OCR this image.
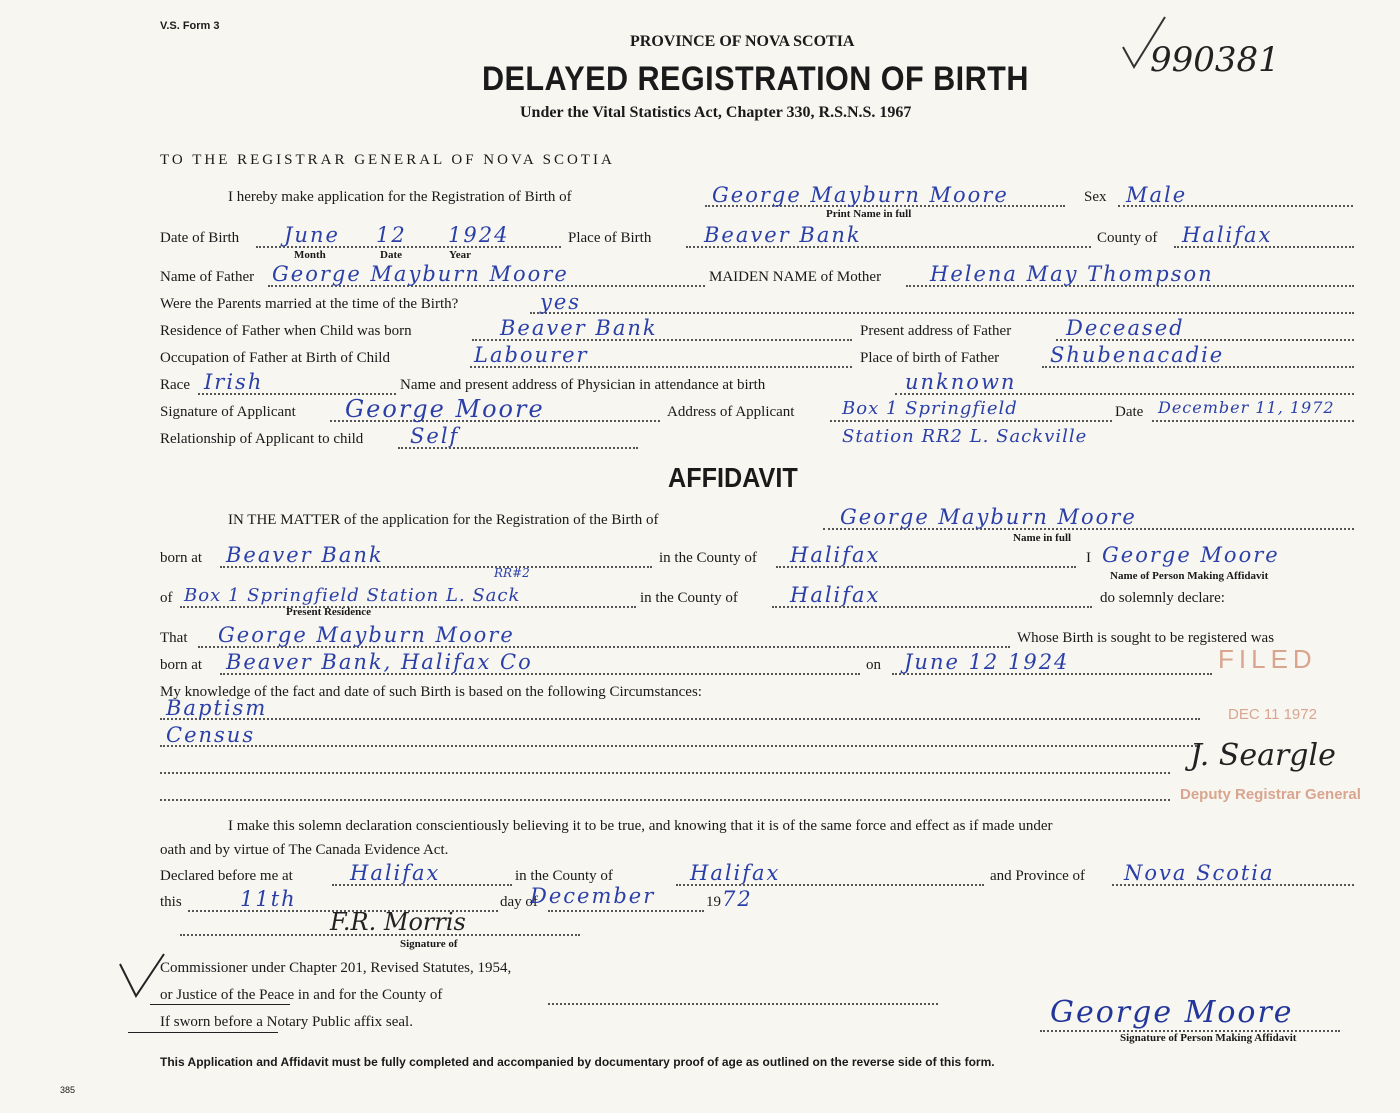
V.S. Form 3
PROVINCE OF NOVA SCOTIA
DELAYED REGISTRATION OF BIRTH
Under the Vital Statistics Act, Chapter 330, R.S.N.S. 1967
990381
TO THE REGISTRAR GENERAL OF NOVA SCOTIA
I hereby make application for the Registration of Birth of	George Mayburn Moore
Print Name in full
Sex Male
Date of Birth June 12 1924
Month	Date	Year
Place of Birth	Beaver Bank	County of Halifax
Name of Father George Mayburn Moore	MAIDEN NAME of Mother Helena May Thompson
Were the Parents married at the time of the Birth?	yes
Residence of Father when Child was born	Beaver Bank	Present address of Father	Deceased
Occupation of Father at Birth of Child	Labourer	Place of birth of Father Shubenacadie
Race Irish	Name and present address of Physician in attendance at birth	unknown
Signature of Applicant George Moore	Address of Applicant	Box 1 Springfield	Date December 11, 1972
Relationship of Applicant to child Self	Station RR2 L. Sackville
AFFIDAVIT
IN THE MATTER of the application for the Registration of the Birth of	George Mayburn Moore
Name in full
born at Beaver Bank	in the County of Halifax	I George Moore
Name of Person Making Affidavit
of Box 1 Springfield Station L. Sack
RR#2
Present Residence
in the County of Halifax	do solemnly declare:
That George Mayburn Moore	Whose Birth is sought to be registered was
born at Beaver Bank, Halifax Co	on June 12 1924
My knowledge of the fact and date of such Birth is based on the following Circumstances:
Baptism
Census
FILED
DEC 11 1972
J. Seargle
Deputy Registrar General
I make this solemn declaration conscientiously believing it to be true, and knowing that it is of the same force and effect as if made under
oath and by virtue of The Canada Evidence Act.
Declared before me at	Halifax	in the County of	Halifax	and Province of Nova Scotia
this	11th	day of
December	19 72
F.R. Morris
Signature of
Commissioner under Chapter 201, Revised Statutes, 1954,
or Justice of the Peace in and for the County of
If sworn before a Notary Public affix seal.	George Moore
Signature of Person Making Affidavit
This Application and Affidavit must be fully completed and accompanied by documentary proof of age as outlined on the reverse side of this form.
385
